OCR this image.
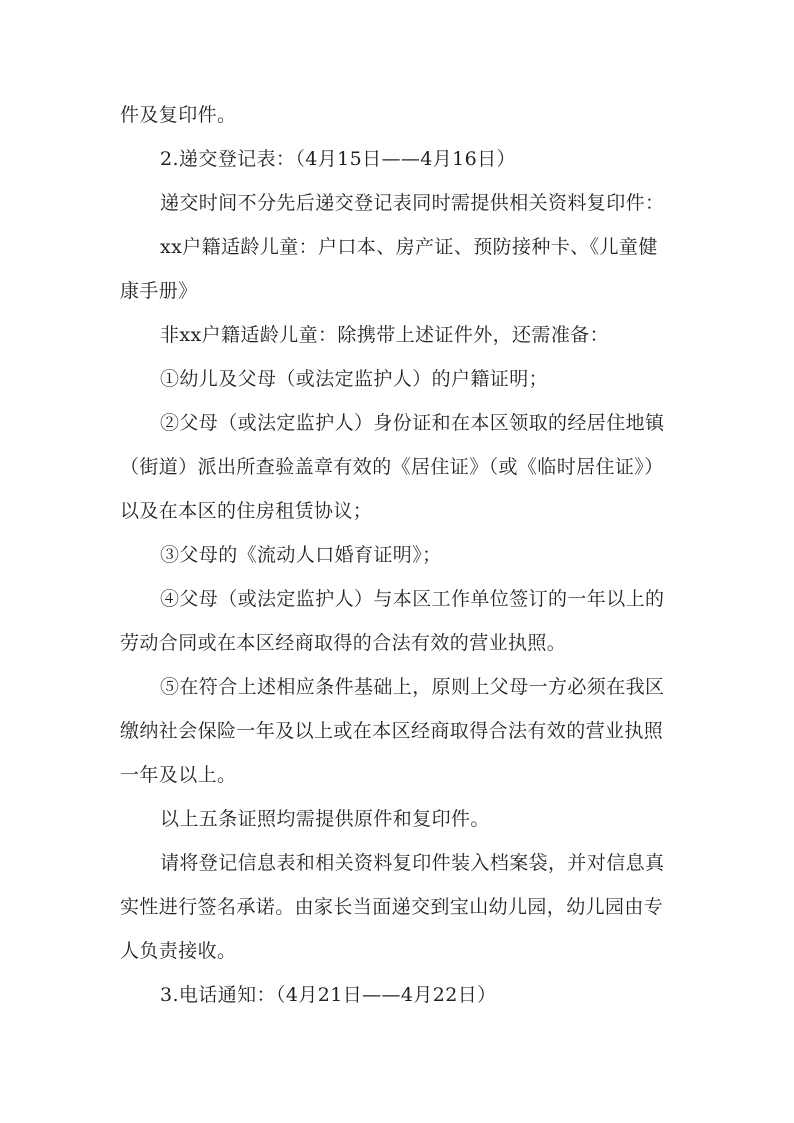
件及复印件。

2.递交登记表：（4月15日——4月16日）

递交时间不分先后递交登记表同时需提供相关资料复印件：

xx户籍适龄儿童：户口本、房产证、预防接种卡、《儿童健康手册》

非xx户籍适龄儿童：除携带上述证件外，还需准备：

①幼儿及父母（或法定监护人）的户籍证明；

②父母（或法定监护人）身份证和在本区领取的经居住地镇（街道）派出所查验盖章有效的《居住证》（或《临时居住证》）以及在本区的住房租赁协议；

③父母的《流动人口婚育证明》；

④父母（或法定监护人）与本区工作单位签订的一年以上的劳动合同或在本区经商取得的合法有效的营业执照。

⑤在符合上述相应条件基础上，原则上父母一方必须在我区缴纳社会保险一年及以上或在本区经商取得合法有效的营业执照一年及以上。

以上五条证照均需提供原件和复印件。

请将登记信息表和相关资料复印件装入档案袋，并对信息真实性进行签名承诺。由家长当面递交到宝山幼儿园，幼儿园由专人负责接收。

3.电话通知：（4月21日——4月22日）
